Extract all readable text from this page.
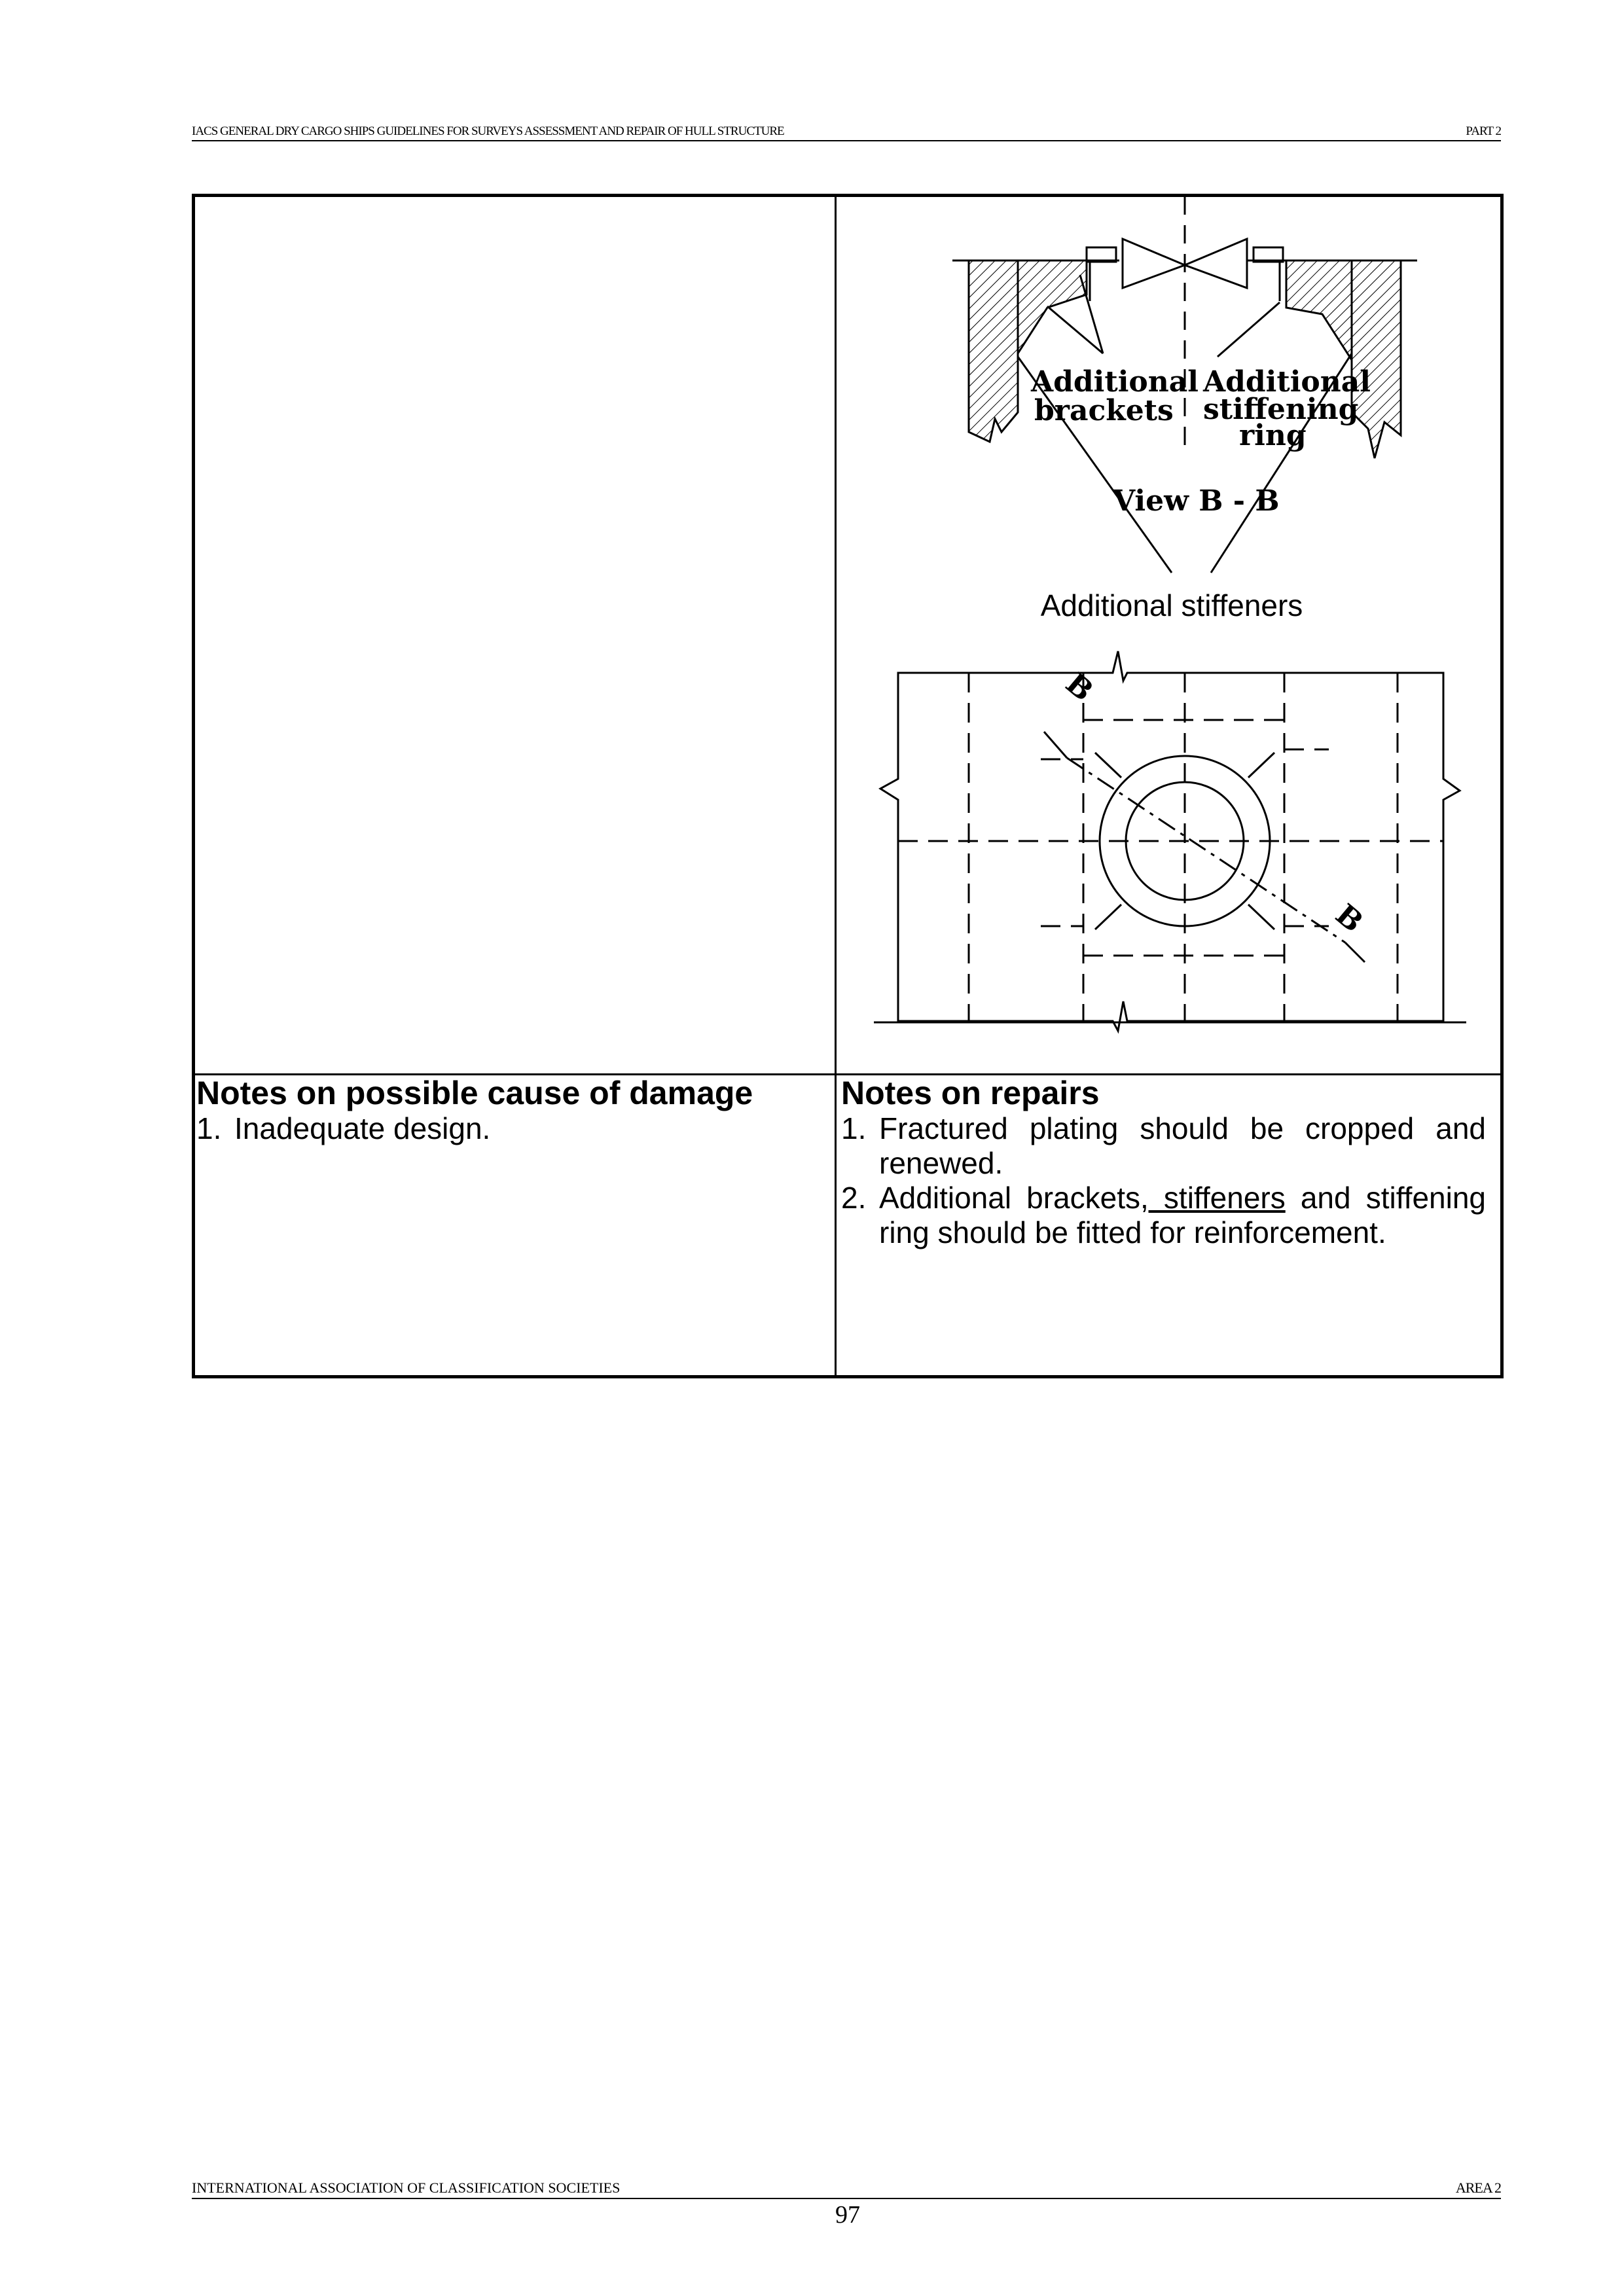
IACS GENERAL DRY CARGO SHIPS GUIDELINES FOR SURVEYS ASSESSMENT AND REPAIR OF HULL STRUCTURE	PART 2
Additional
brackets
Additional
stiffening
ring
View B - B
B
B
Additional stiffeners
Notes on possible cause of damage
1. Inadequate design.
Notes on repairs
1. Fractured plating should be cropped and renewed.
2. Additional brackets, stiffeners and stiffening ring should be fitted for reinforcement.
INTERNATIONAL ASSOCIATION OF CLASSIFICATION SOCIETIES	AREA 2
97
